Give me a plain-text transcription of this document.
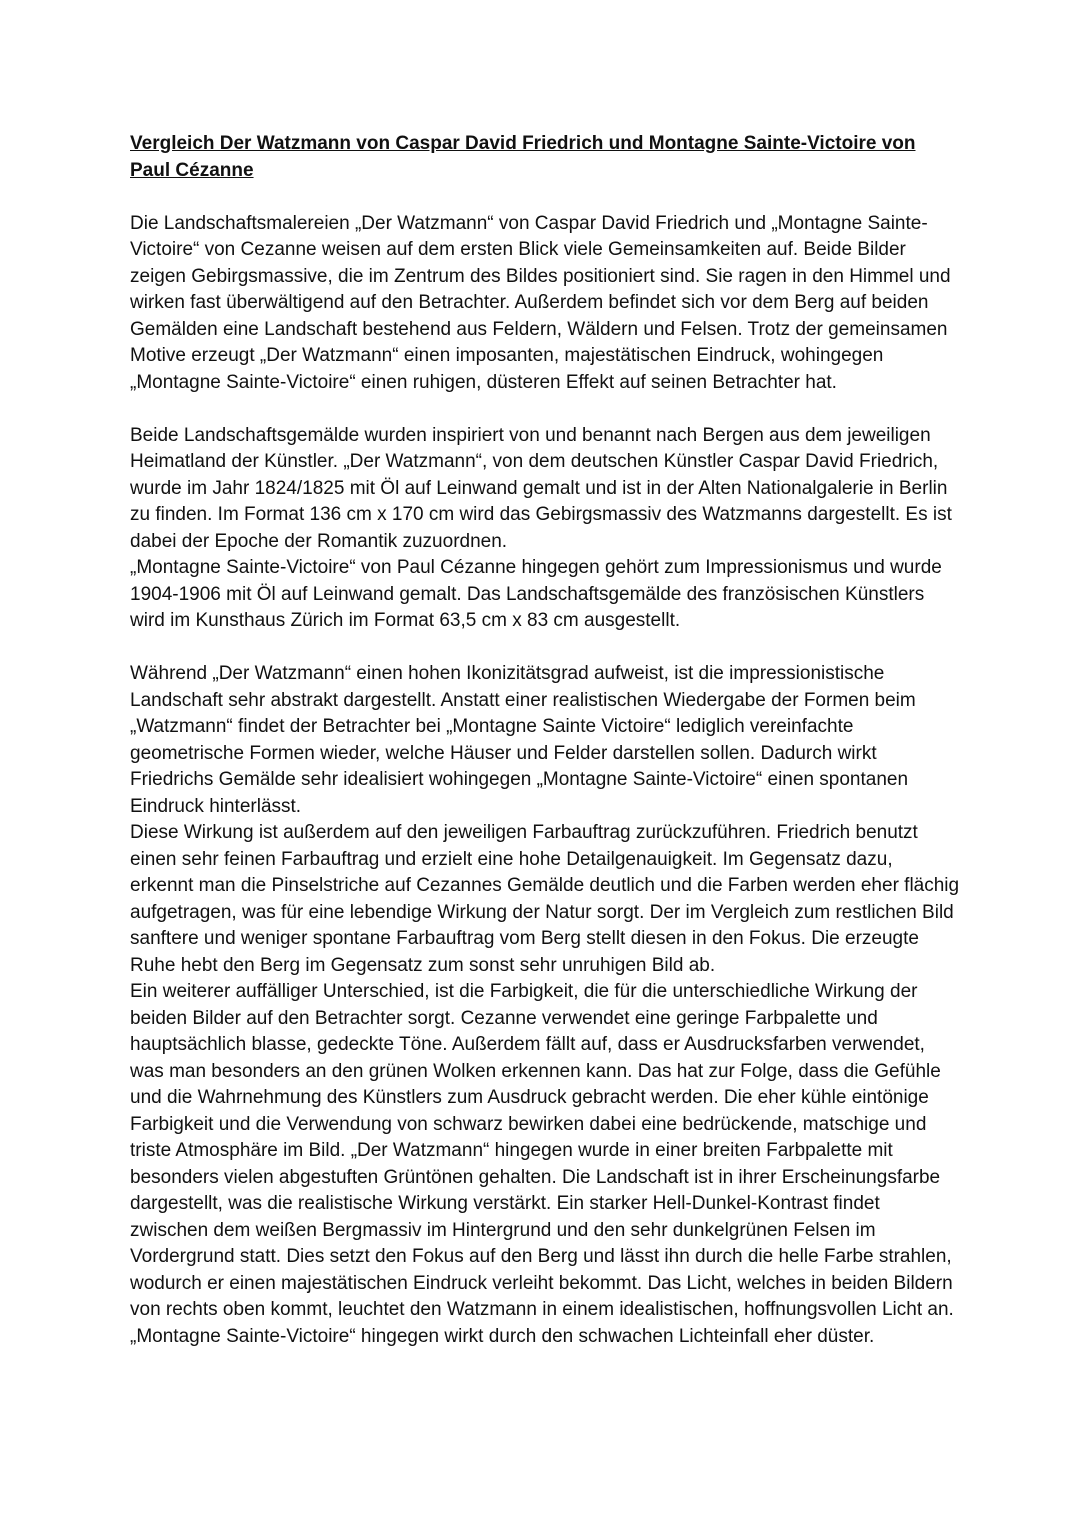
Vergleich Der Watzmann von Caspar David Friedrich und Montagne Sainte-Victoire von Paul Cézanne

Die Landschaftsmalereien „Der Watzmann“ von Caspar David Friedrich und „Montagne Sainte-Victoire“ von Cezanne weisen auf dem ersten Blick viele Gemeinsamkeiten auf. Beide Bilder zeigen Gebirgsmassive, die im Zentrum des Bildes positioniert sind. Sie ragen in den Himmel und wirken fast überwältigend auf den Betrachter. Außerdem befindet sich vor dem Berg auf beiden Gemälden eine Landschaft bestehend aus Feldern, Wäldern und Felsen. Trotz der gemeinsamen Motive erzeugt „Der Watzmann“ einen imposanten, majestätischen Eindruck, wohingegen „Montagne Sainte-Victoire“ einen ruhigen, düsteren Effekt auf seinen Betrachter hat.

Beide Landschaftsgemälde wurden inspiriert von und benannt nach Bergen aus dem jeweiligen Heimatland der Künstler. „Der Watzmann“, von dem deutschen Künstler Caspar David Friedrich, wurde im Jahr 1824/1825 mit Öl auf Leinwand gemalt und ist in der Alten Nationalgalerie in Berlin zu finden. Im Format 136 cm x 170 cm wird das Gebirgsmassiv des Watzmanns dargestellt. Es ist dabei der Epoche der Romantik zuzuordnen.

„Montagne Sainte-Victoire“ von Paul Cézanne hingegen gehört zum Impressionismus und wurde 1904-1906 mit Öl auf Leinwand gemalt. Das Landschaftsgemälde des französischen Künstlers wird im Kunsthaus Zürich im Format 63,5 cm x 83 cm ausgestellt.

Während „Der Watzmann“ einen hohen Ikonizitätsgrad aufweist, ist die impressionistische Landschaft sehr abstrakt dargestellt. Anstatt einer realistischen Wiedergabe der Formen beim „Watzmann“ findet der Betrachter bei „Montagne Sainte Victoire“ lediglich vereinfachte geometrische Formen wieder, welche Häuser und Felder darstellen sollen. Dadurch wirkt Friedrichs Gemälde sehr idealisiert wohingegen „Montagne Sainte-Victoire“ einen spontanen Eindruck hinterlässt.

Diese Wirkung ist außerdem auf den jeweiligen Farbauftrag zurückzuführen. Friedrich benutzt einen sehr feinen Farbauftrag und erzielt eine hohe Detailgenauigkeit. Im Gegensatz dazu, erkennt man die Pinselstriche auf Cezannes Gemälde deutlich und die Farben werden eher flächig aufgetragen, was für eine lebendige Wirkung der Natur sorgt. Der im Vergleich zum restlichen Bild sanftere und weniger spontane Farbauftrag vom Berg stellt diesen in den Fokus. Die erzeugte Ruhe hebt den Berg im Gegensatz zum sonst sehr unruhigen Bild ab.

Ein weiterer auffälliger Unterschied, ist die Farbigkeit, die für die unterschiedliche Wirkung der beiden Bilder auf den Betrachter sorgt. Cezanne verwendet eine geringe Farbpalette und hauptsächlich blasse, gedeckte Töne. Außerdem fällt auf, dass er Ausdrucksfarben verwendet, was man besonders an den grünen Wolken erkennen kann. Das hat zur Folge, dass die Gefühle und die Wahrnehmung des Künstlers zum Ausdruck gebracht werden. Die eher kühle eintönige Farbigkeit und die Verwendung von schwarz bewirken dabei eine bedrückende, matschige und triste Atmosphäre im Bild. „Der Watzmann“ hingegen wurde in einer breiten Farbpalette mit besonders vielen abgestuften Grüntönen gehalten. Die Landschaft ist in ihrer Erscheinungsfarbe dargestellt, was die realistische Wirkung verstärkt. Ein starker Hell-Dunkel-Kontrast findet zwischen dem weißen Bergmassiv im Hintergrund und den sehr dunkelgrünen Felsen im Vordergrund statt. Dies setzt den Fokus auf den Berg und lässt ihn durch die helle Farbe strahlen, wodurch er einen majestätischen Eindruck verleiht bekommt. Das Licht, welches in beiden Bildern von rechts oben kommt, leuchtet den Watzmann in einem idealistischen, hoffnungsvollen Licht an. „Montagne Sainte-Victoire“ hingegen wirkt durch den schwachen Lichteinfall eher düster.
